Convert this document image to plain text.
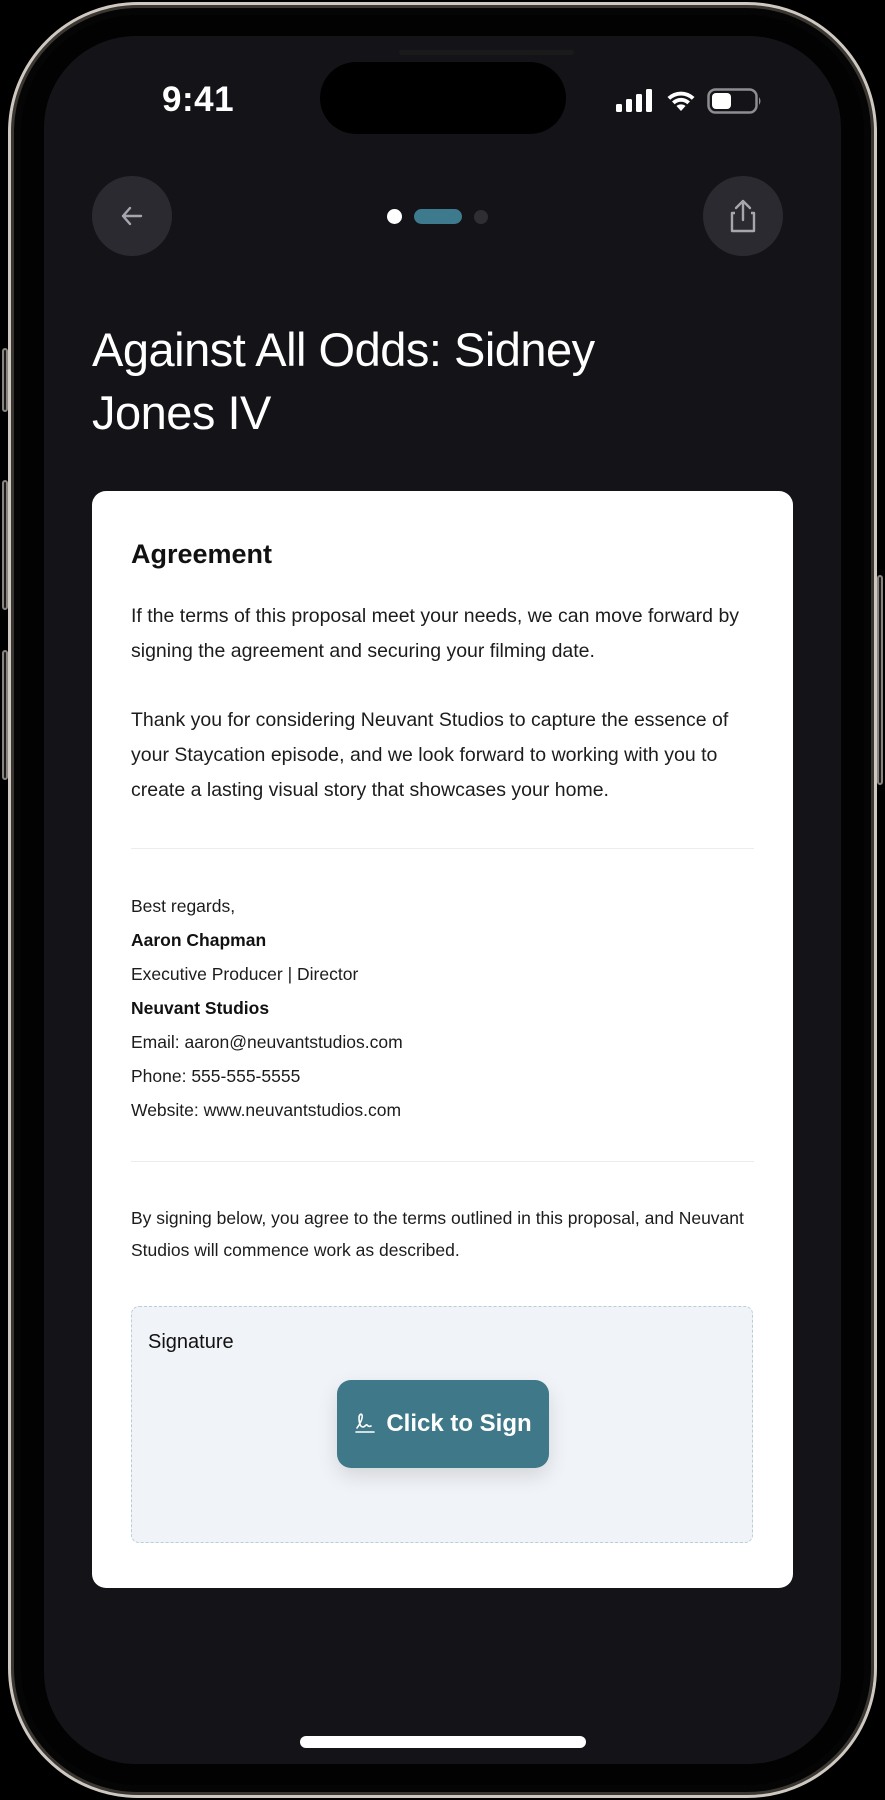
9:41
Against All Odds: Sidney Jones IV
Agreement

If the terms of this proposal meet your needs, we can move forward by signing the agreement and securing your filming date.

Thank you for considering Neuvant Studios to capture the essence of your Staycation episode, and we look forward to working with you to create a lasting visual story that showcases your home.

Best regards,
Aaron Chapman
Executive Producer | Director
Neuvant Studios
Email: aaron@neuvantstudios.com
Phone: 555-555-5555
Website: www.neuvantstudios.com

By signing below, you agree to the terms outlined in this proposal, and Neuvant Studios will commence work as described.

Signature
Click to Sign
